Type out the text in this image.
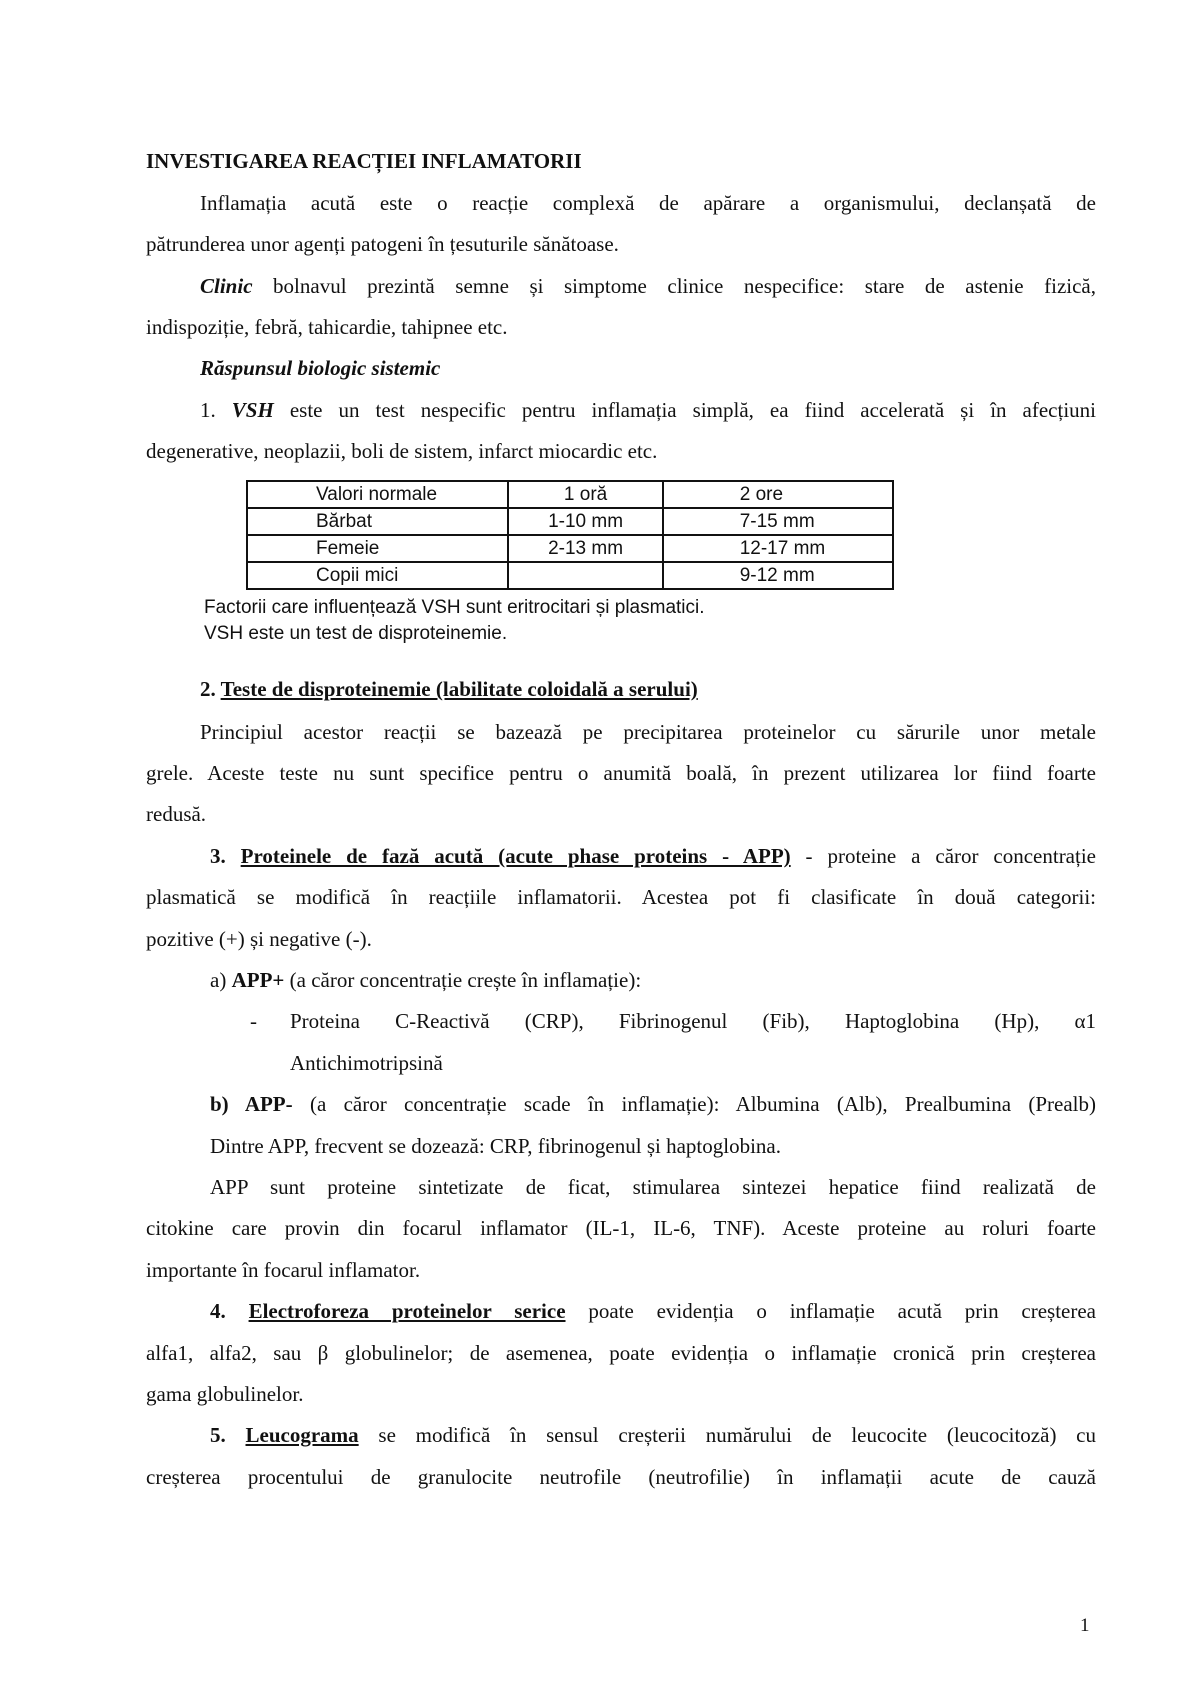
INVESTIGAREA REACȚIEI INFLAMATORII
Inflamația acută este o reacție complexă de apărare a organismului, declanșată de
pătrunderea unor agenți patogeni în țesuturile sănătoase.
Clinic bolnavul prezintă semne și simptome clinice nespecifice: stare de astenie fizică,
indispoziție, febră, tahicardie, tahipnee etc.
Răspunsul biologic sistemic
1. VSH este un test nespecific pentru inflamația simplă, ea fiind accelerată și în afecțiuni
degenerative, neoplazii, boli de sistem, infarct miocardic etc.
Valori normale	1 oră	2 ore
Bărbat	1-10 mm	7-15 mm
Femeie	2-13 mm	12-17 mm
Copii mici		9-12 mm
Factorii care influențează VSH sunt eritrocitari și plasmatici.
VSH este un test de disproteinemie.
2. Teste de disproteinemie (labilitate coloidală a serului)
Principiul acestor reacții se bazează pe precipitarea proteinelor cu sărurile unor metale
grele. Aceste teste nu sunt specifice pentru o anumită boală, în prezent utilizarea lor fiind foarte
redusă.
3. Proteinele de fază acută (acute phase proteins - APP) - proteine a căror concentrație
plasmatică se modifică în reacțiile inflamatorii. Acestea pot fi clasificate în două categorii:
pozitive (+) și negative (-).
a) APP+ (a căror concentrație crește în inflamație):
-	Proteina C-Reactivă (CRP), Fibrinogenul (Fib), Haptoglobina (Hp), α1
Antichimotripsină
b) APP- (a căror concentrație scade în inflamație): Albumina (Alb), Prealbumina (Prealb)
Dintre APP, frecvent se dozează: CRP, fibrinogenul și haptoglobina.
APP sunt proteine sintetizate de ficat, stimularea sintezei hepatice fiind realizată de
citokine care provin din focarul inflamator (IL-1, IL-6, TNF). Aceste proteine au roluri foarte
importante în focarul inflamator.
4. Electroforeza proteinelor serice poate evidenția o inflamație acută prin creșterea
alfa1, alfa2, sau β globulinelor; de asemenea, poate evidenția o inflamație cronică prin creșterea
gama globulinelor.
5. Leucograma se modifică în sensul creșterii numărului de leucocite (leucocitoză) cu
creșterea procentului de granulocite neutrofile (neutrofilie) în inflamații acute de cauză
1
